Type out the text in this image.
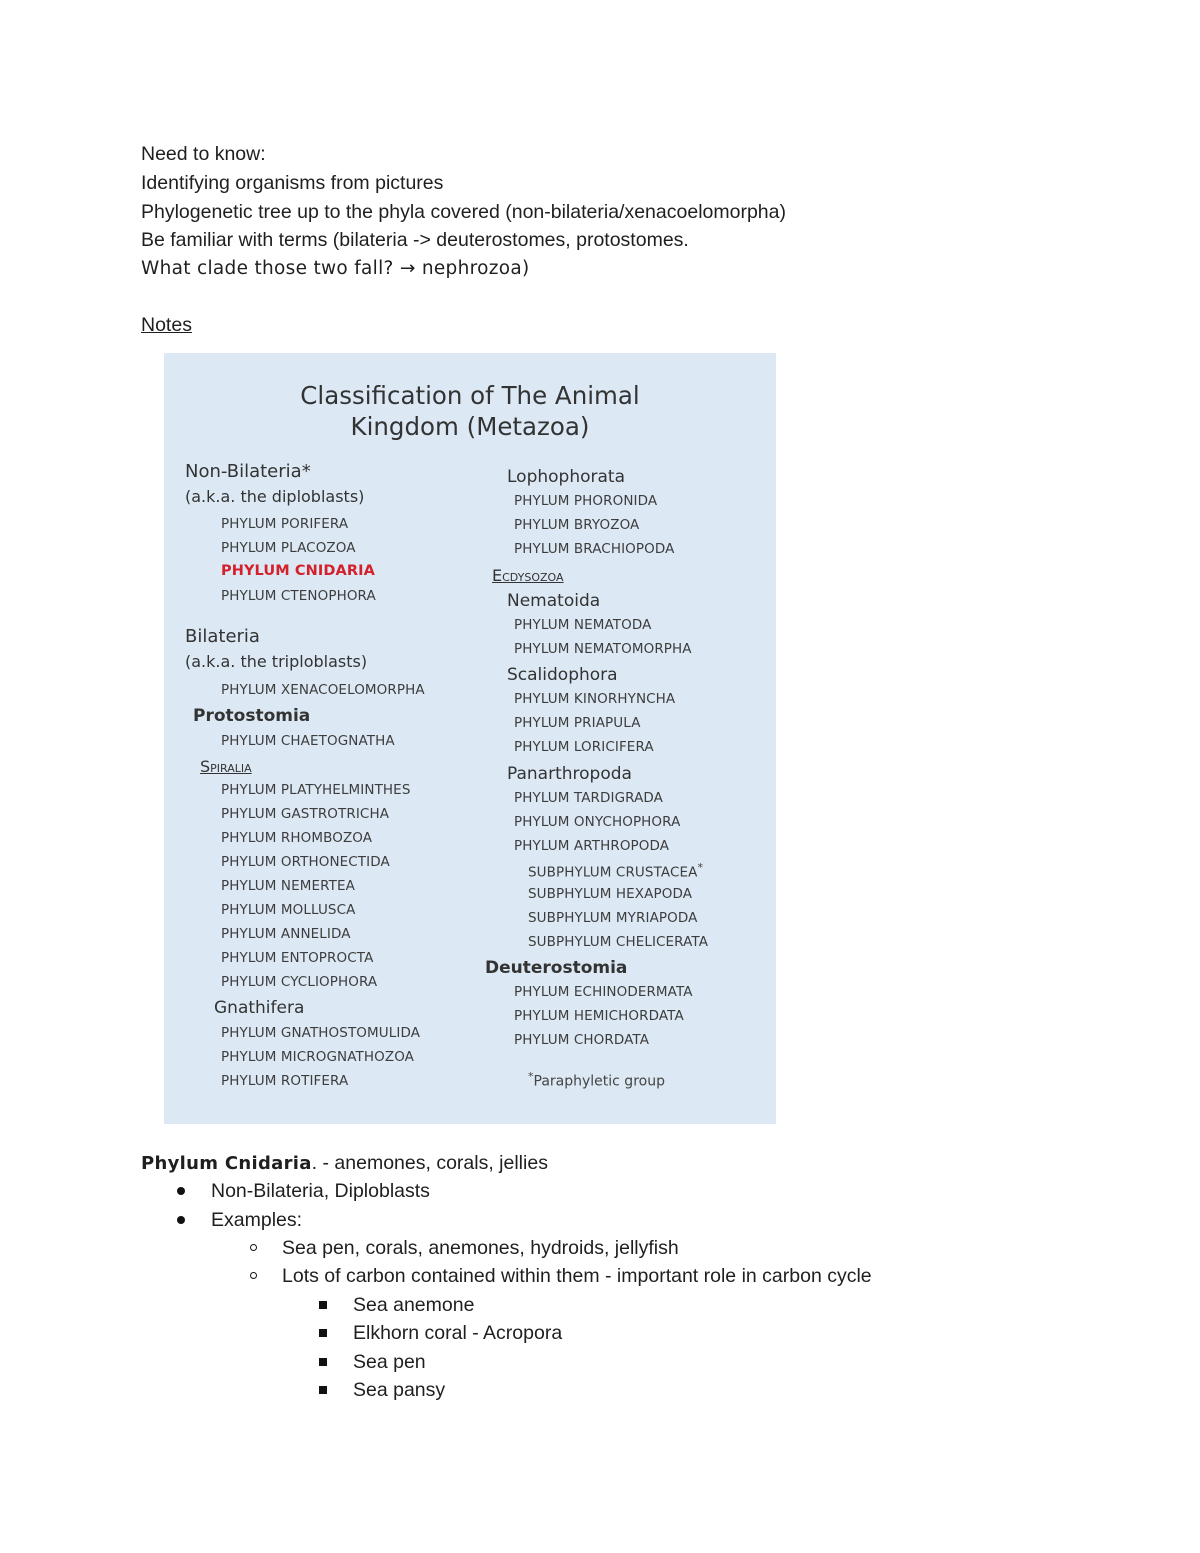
Need to know:
Identifying organisms from pictures
Phylogenetic tree up to the phyla covered (non-bilateria/xenacoelomorpha)
Be familiar with terms (bilateria -> deuterostomes, protostomes.
What clade those two fall? → nephrozoa)
Notes
Classification of The Animal
Kingdom (Metazoa)
Non-Bilateria*
(a.k.a. the diploblasts)
PHYLUM PORIFERA
PHYLUM PLACOZOA
PHYLUM CNIDARIA
PHYLUM CTENOPHORA
Bilateria
(a.k.a. the triploblasts)
PHYLUM XENACOELOMORPHA
Protostomia
PHYLUM CHAETOGNATHA
Spiralia
PHYLUM PLATYHELMINTHES
PHYLUM GASTROTRICHA
PHYLUM RHOMBOZOA
PHYLUM ORTHONECTIDA
PHYLUM NEMERTEA
PHYLUM MOLLUSCA
PHYLUM ANNELIDA
PHYLUM ENTOPROCTA
PHYLUM CYCLIOPHORA
Gnathifera
PHYLUM GNATHOSTOMULIDA
PHYLUM MICROGNATHOZOA
PHYLUM ROTIFERA
Lophophorata
PHYLUM PHORONIDA
PHYLUM BRYOZOA
PHYLUM BRACHIOPODA
Ecdysozoa
Nematoida
PHYLUM NEMATODA
PHYLUM NEMATOMORPHA
Scalidophora
PHYLUM KINORHYNCHA
PHYLUM PRIAPULA
PHYLUM LORICIFERA
Panarthropoda
PHYLUM TARDIGRADA
PHYLUM ONYCHOPHORA
PHYLUM ARTHROPODA
SUBPHYLUM CRUSTACEA*
SUBPHYLUM HEXAPODA
SUBPHYLUM MYRIAPODA
SUBPHYLUM CHELICERATA
Deuterostomia
PHYLUM ECHINODERMATA
PHYLUM HEMICHORDATA
PHYLUM CHORDATA
*Paraphyletic group
Phylum Cnidaria. - anemones, corals, jellies
Non-Bilateria, Diploblasts
Examples:
Sea pen, corals, anemones, hydroids, jellyfish
Lots of carbon contained within them - important role in carbon cycle
Sea anemone
Elkhorn coral - Acropora
Sea pen
Sea pansy
